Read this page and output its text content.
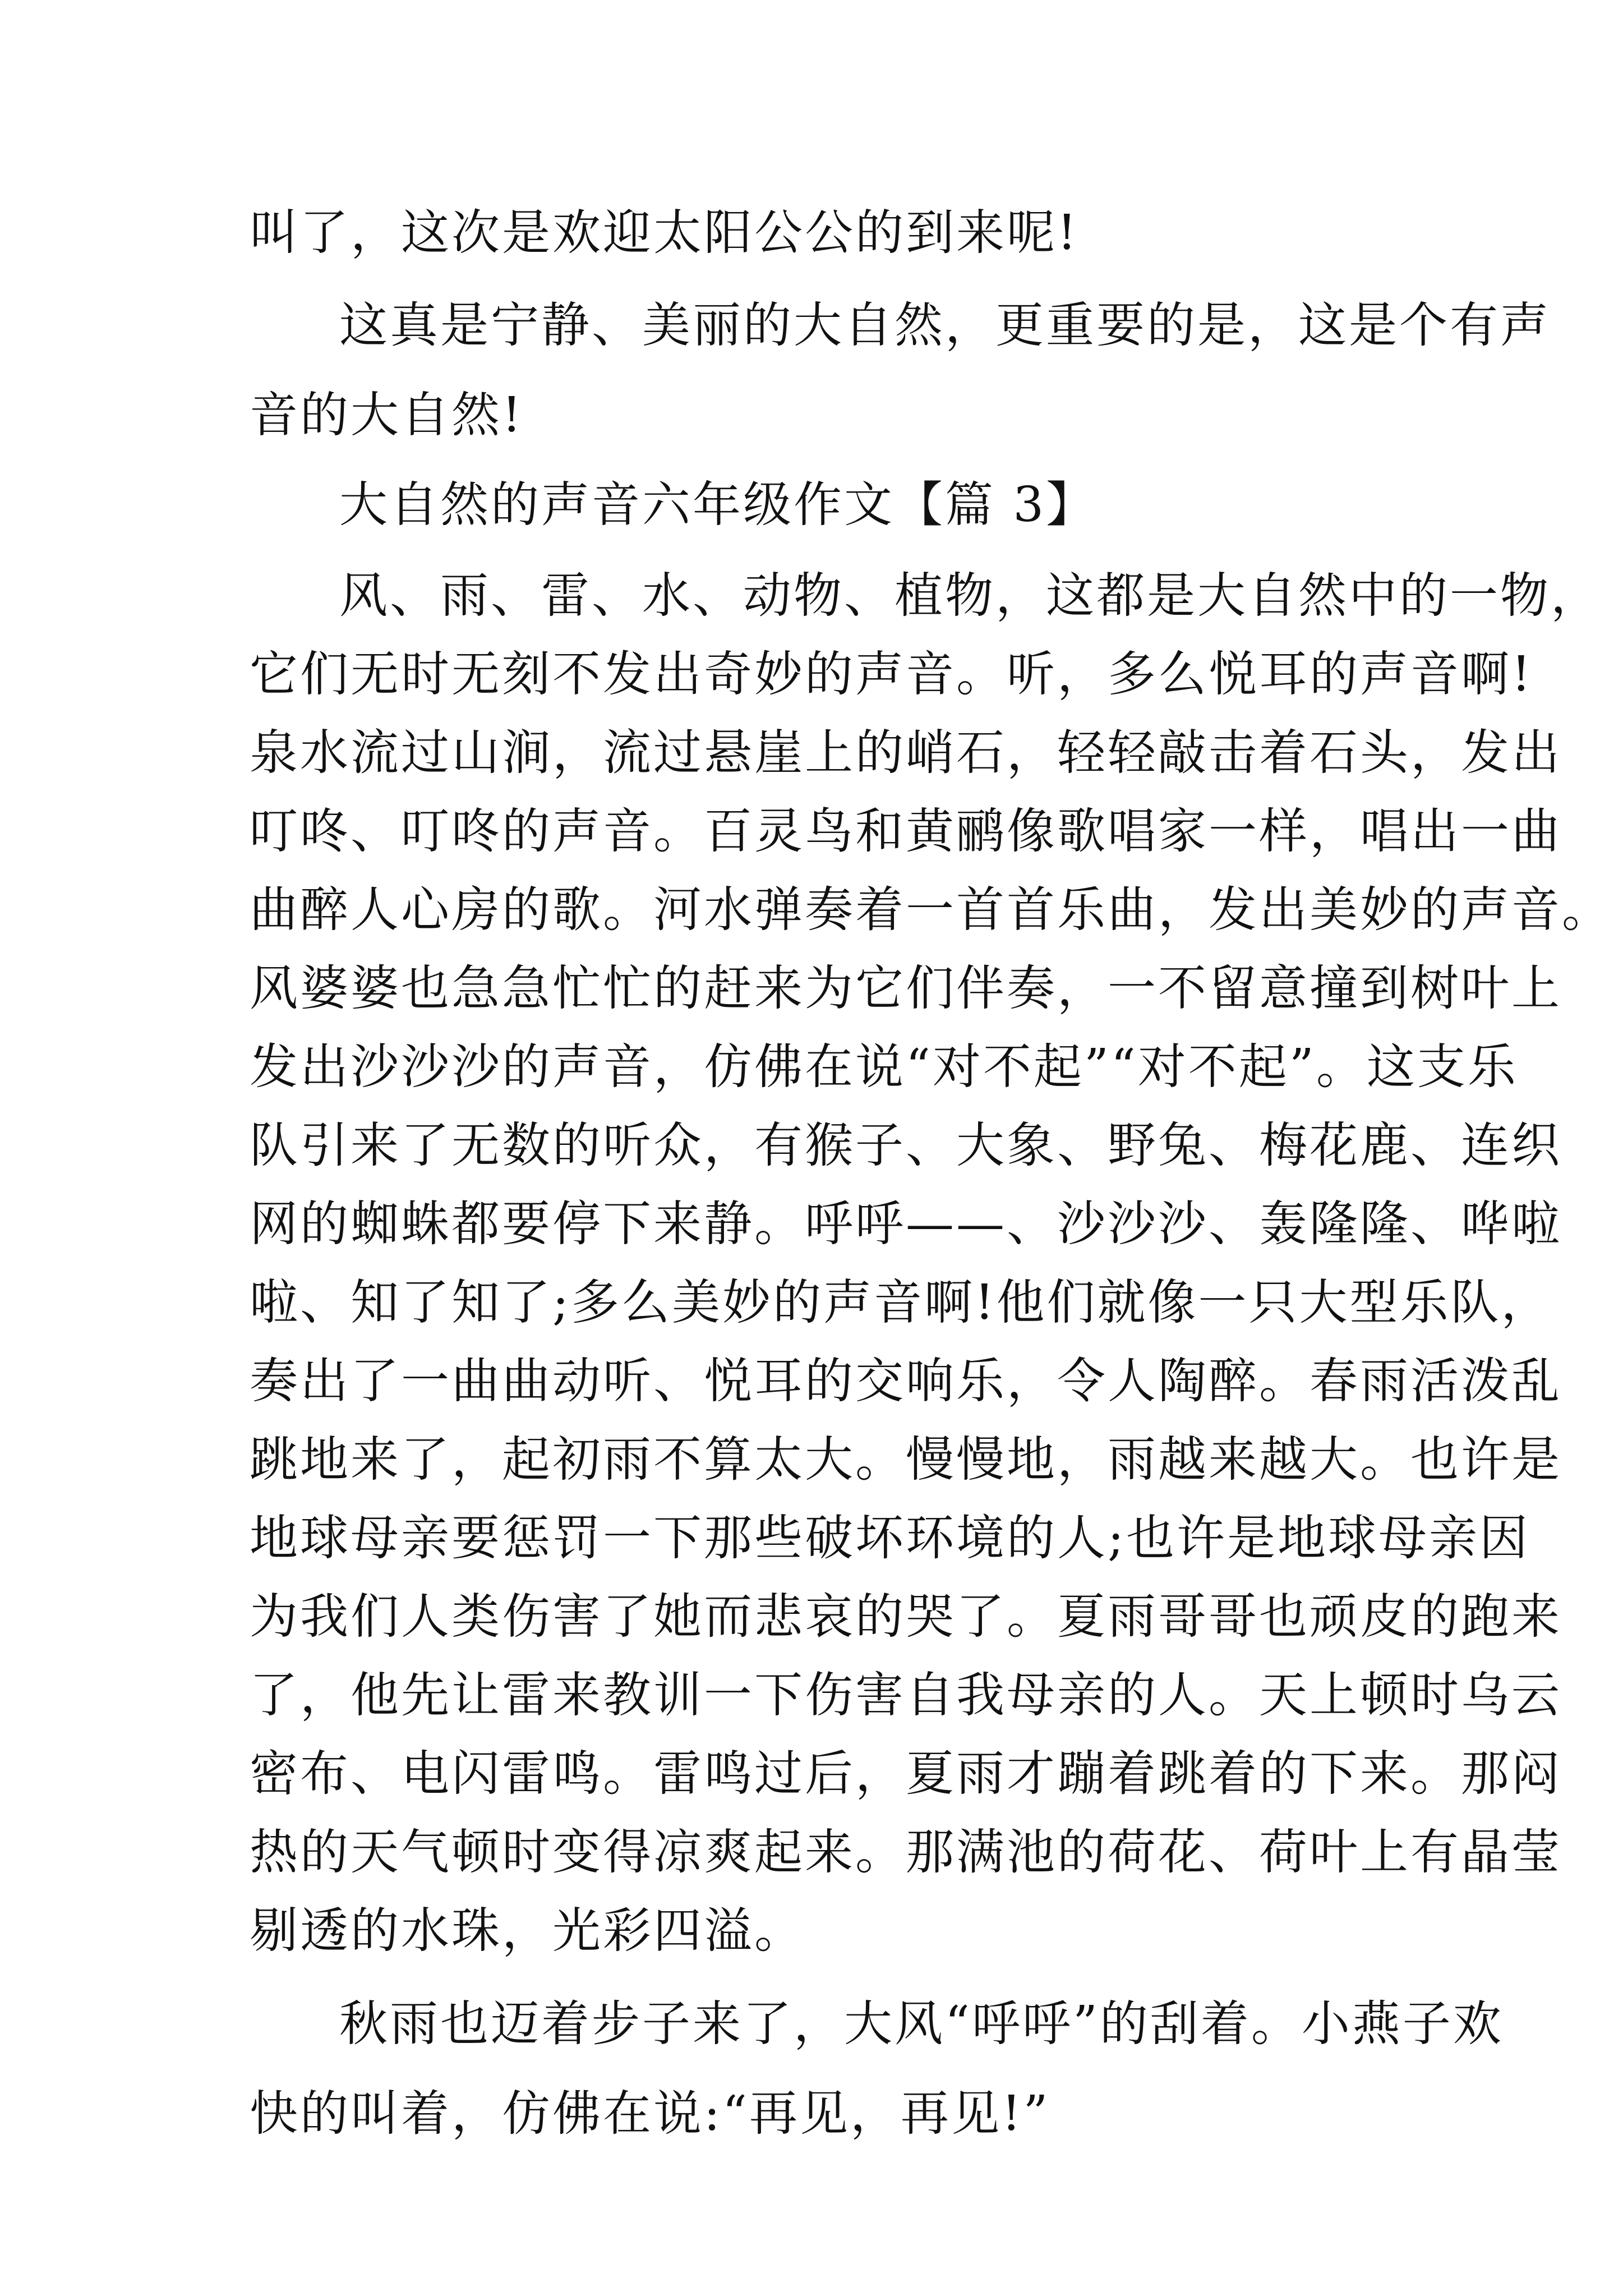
叫了，这次是欢迎太阳公公的到来呢!
这真是宁静、美丽的大自然，更重要的是，这是个有声
音的大自然!
大自然的声音六年级作文【篇 3】
风、雨、雷、水、动物、植物，这都是大自然中的一物，
它们无时无刻不发出奇妙的声音。听，多么悦耳的声音啊!
泉水流过山涧，流过悬崖上的峭石，轻轻敲击着石头，发出
叮咚、叮咚的声音。百灵鸟和黄鹂像歌唱家一样，唱出一曲
曲醉人心房的歌。河水弹奏着一首首乐曲，发出美妙的声音。
风婆婆也急急忙忙的赶来为它们伴奏，一不留意撞到树叶上
发出沙沙沙的声音，仿佛在说“对不起”“对不起”。这支乐
队引来了无数的听众，有猴子、大象、野兔、梅花鹿、连织
网的蜘蛛都要停下来静。呼呼——、沙沙沙、轰隆隆、哗啦
啦、知了知了;多么美妙的声音啊!他们就像一只大型乐队，
奏出了一曲曲动听、悦耳的交响乐，令人陶醉。春雨活泼乱
跳地来了，起初雨不算太大。慢慢地，雨越来越大。也许是
地球母亲要惩罚一下那些破坏环境的人;也许是地球母亲因
为我们人类伤害了她而悲哀的哭了。夏雨哥哥也顽皮的跑来
了，他先让雷来教训一下伤害自我母亲的人。天上顿时乌云
密布、电闪雷鸣。雷鸣过后，夏雨才蹦着跳着的下来。那闷
热的天气顿时变得凉爽起来。那满池的荷花、荷叶上有晶莹
剔透的水珠，光彩四溢。
秋雨也迈着步子来了，大风“呼呼”的刮着。小燕子欢
快的叫着，仿佛在说:“再见，再见!”
